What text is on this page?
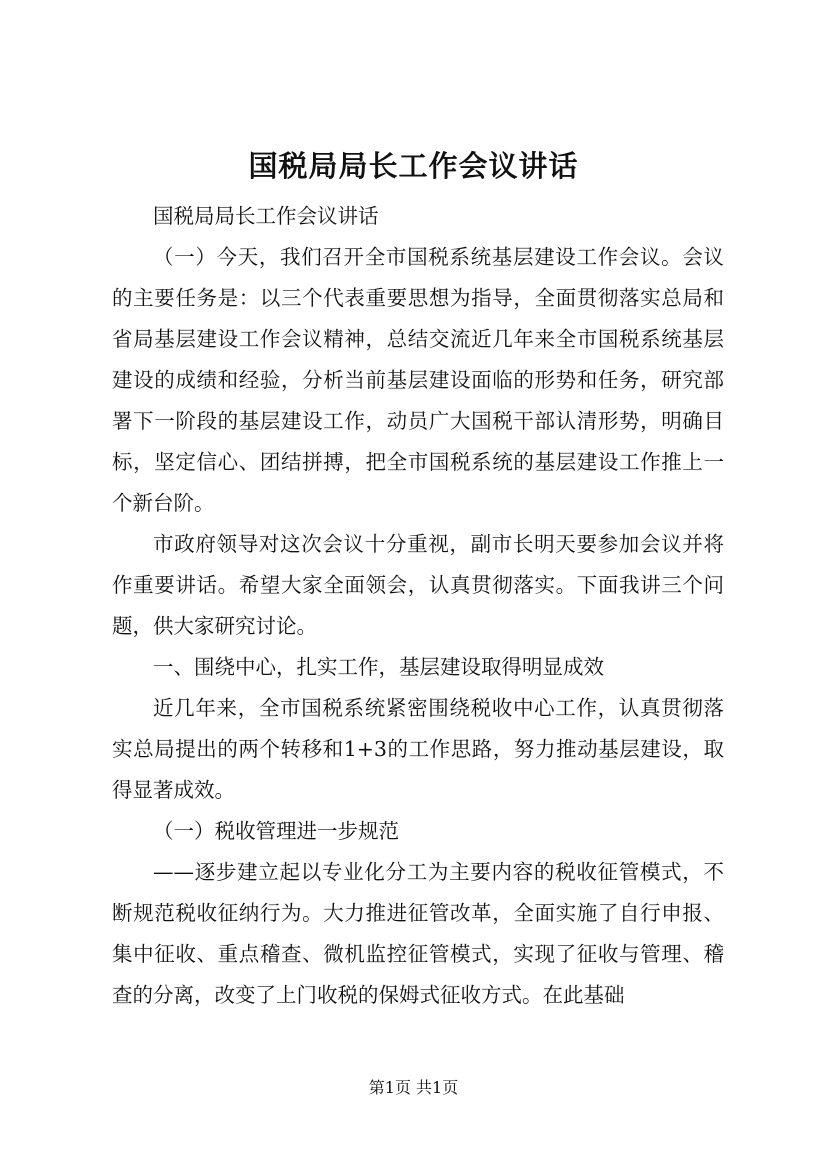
国税局局长工作会议讲话

国税局局长工作会议讲话

（一）今天，我们召开全市国税系统基层建设工作会议。会议的主要任务是：以三个代表重要思想为指导，全面贯彻落实总局和省局基层建设工作会议精神，总结交流近几年来全市国税系统基层建设的成绩和经验，分析当前基层建设面临的形势和任务，研究部署下一阶段的基层建设工作，动员广大国税干部认清形势，明确目标，坚定信心、团结拼搏，把全市国税系统的基层建设工作推上一个新台阶。

市政府领导对这次会议十分重视，副市长明天要参加会议并将作重要讲话。希望大家全面领会，认真贯彻落实。下面我讲三个问题，供大家研究讨论。

一、围绕中心，扎实工作，基层建设取得明显成效

近几年来，全市国税系统紧密围绕税收中心工作，认真贯彻落实总局提出的两个转移和1+3的工作思路，努力推动基层建设，取得显著成效。

（一）税收管理进一步规范

——逐步建立起以专业化分工为主要内容的税收征管模式，不断规范税收征纳行为。大力推进征管改革，全面实施了自行申报、集中征收、重点稽查、微机监控征管模式，实现了征收与管理、稽查的分离，改变了上门收税的保姆式征收方式。在此基础

第1页 共1页
